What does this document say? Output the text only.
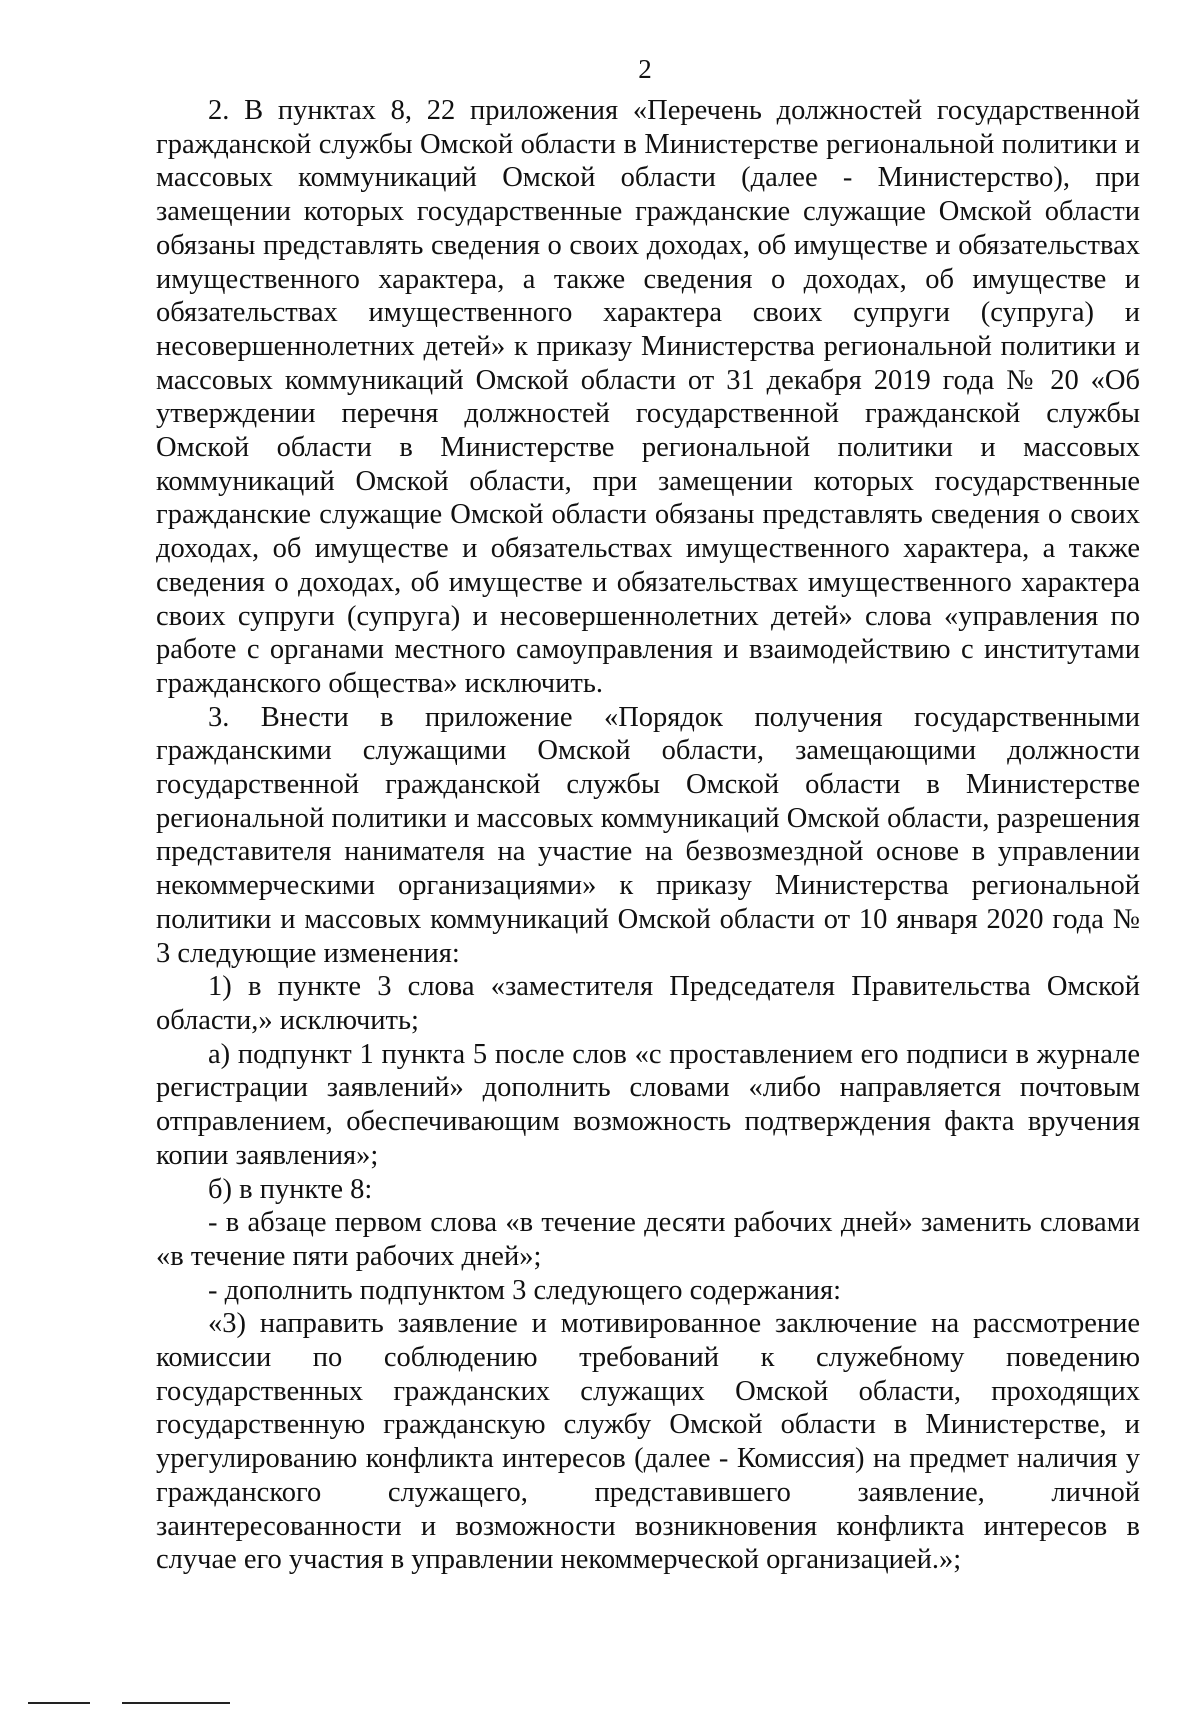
2

2. В пунктах 8, 22 приложения «Перечень должностей государственной гражданской службы Омской области в Министерстве региональной политики и массовых коммуникаций Омской области (далее - Министерство), при замещении которых государственные гражданские служащие Омской области обязаны представлять сведения о своих доходах, об имуществе и обязательствах имущественного характера, а также сведения о доходах, об имуществе и обязательствах имущественного характера своих супруги (супруга) и несовершеннолетних детей» к приказу Министерства региональной политики и массовых коммуникаций Омской области от 31 декабря 2019 года № 20 «Об утверждении перечня должностей государственной гражданской службы Омской области в Министерстве региональной политики и массовых коммуникаций Омской области, при замещении которых государственные гражданские служащие Омской области обязаны представлять сведения о своих доходах, об имуществе и обязательствах имущественного характера, а также сведения о доходах, об имуществе и обязательствах имущественного характера своих супруги (супруга) и несовершеннолетних детей» слова «управления по работе с органами местного самоуправления и взаимодействию с институтами гражданского общества» исключить.

3. Внести в приложение «Порядок получения государственными гражданскими служащими Омской области, замещающими должности государственной гражданской службы Омской области в Министерстве региональной политики и массовых коммуникаций Омской области, разрешения представителя нанимателя на участие на безвозмездной основе в управлении некоммерческими организациями» к приказу Министерства региональной политики и массовых коммуникаций Омской области от 10 января 2020 года № 3 следующие изменения:

1) в пункте 3 слова «заместителя Председателя Правительства Омской области,» исключить;

а) подпункт 1 пункта 5 после слов «с проставлением его подписи в журнале регистрации заявлений» дополнить словами «либо направляется почтовым отправлением, обеспечивающим возможность подтверждения факта вручения копии заявления»;

б) в пункте 8:

- в абзаце первом слова «в течение десяти рабочих дней» заменить словами «в течение пяти рабочих дней»;

- дополнить подпунктом 3 следующего содержания:

«3) направить заявление и мотивированное заключение на рассмотрение комиссии по соблюдению требований к служебному поведению государственных гражданских служащих Омской области, проходящих государственную гражданскую службу Омской области в Министерстве, и урегулированию конфликта интересов (далее - Комиссия) на предмет наличия у гражданского служащего, представившего заявление, личной заинтересованности и возможности возникновения конфликта интересов в случае его участия в управлении некоммерческой организацией.»;
